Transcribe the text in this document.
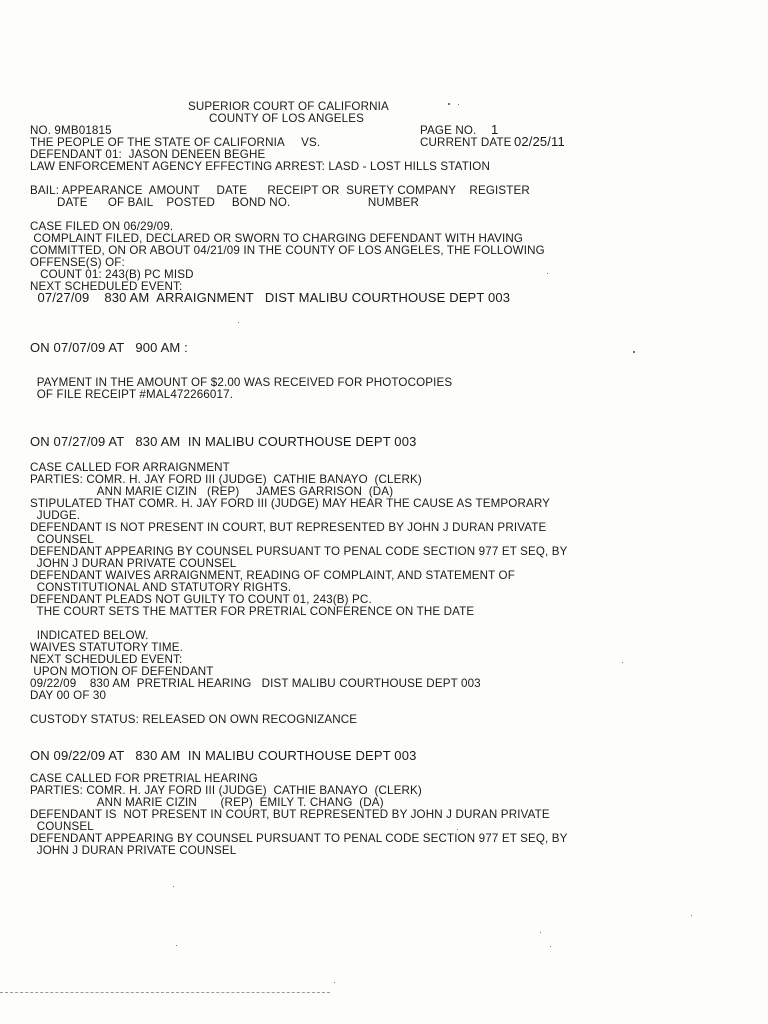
SUPERIOR COURT OF CALIFORNIA
COUNTY OF LOS ANGELES
NO. 9MB01815	PAGE NO. 1
THE PEOPLE OF THE STATE OF CALIFORNIA     VS.	CURRENT DATE 02/25/11
DEFENDANT 01:  JASON DENEEN BEGHE
LAW ENFORCEMENT AGENCY EFFECTING ARREST: LASD - LOST HILLS STATION
BAIL: APPEARANCE  AMOUNT     DATE      RECEIPT OR  SURETY COMPANY    REGISTER
DATE      OF BAIL    POSTED     BOND NO.                       NUMBER
CASE FILED ON 06/29/09.
COMPLAINT FILED, DECLARED OR SWORN TO CHARGING DEFENDANT WITH HAVING
COMMITTED, ON OR ABOUT 04/21/09 IN THE COUNTY OF LOS ANGELES, THE FOLLOWING
OFFENSE(S) OF:
COUNT 01: 243(B) PC MISD
NEXT SCHEDULED EVENT:
07/27/09    830 AM  ARRAIGNMENT   DIST MALIBU COURTHOUSE DEPT 003
ON 07/07/09 AT   900 AM :
PAYMENT IN THE AMOUNT OF $2.00 WAS RECEIVED FOR PHOTOCOPIES
OF FILE RECEIPT #MAL472266017.
ON 07/27/09 AT   830 AM  IN MALIBU COURTHOUSE DEPT 003
CASE CALLED FOR ARRAIGNMENT
PARTIES: COMR. H. JAY FORD III (JUDGE)  CATHIE BANAYO  (CLERK)
ANN MARIE CIZIN   (REP)     JAMES GARRISON  (DA)
STIPULATED THAT COMR. H. JAY FORD III (JUDGE) MAY HEAR THE CAUSE AS TEMPORARY
JUDGE.
DEFENDANT IS NOT PRESENT IN COURT, BUT REPRESENTED BY JOHN J DURAN PRIVATE
COUNSEL
DEFENDANT APPEARING BY COUNSEL PURSUANT TO PENAL CODE SECTION 977 ET SEQ, BY
JOHN J DURAN PRIVATE COUNSEL
DEFENDANT WAIVES ARRAIGNMENT, READING OF COMPLAINT, AND STATEMENT OF
CONSTITUTIONAL AND STATUTORY RIGHTS.
DEFENDANT PLEADS NOT GUILTY TO COUNT 01, 243(B) PC.
THE COURT SETS THE MATTER FOR PRETRIAL CONFERENCE ON THE DATE
INDICATED BELOW.
WAIVES STATUTORY TIME.
NEXT SCHEDULED EVENT:
UPON MOTION OF DEFENDANT
09/22/09    830 AM  PRETRIAL HEARING   DIST MALIBU COURTHOUSE DEPT 003
DAY 00 OF 30
CUSTODY STATUS: RELEASED ON OWN RECOGNIZANCE
ON 09/22/09 AT   830 AM  IN MALIBU COURTHOUSE DEPT 003
CASE CALLED FOR PRETRIAL HEARING
PARTIES: COMR. H. JAY FORD III (JUDGE)  CATHIE BANAYO  (CLERK)
ANN MARIE CIZIN       (REP)  EMILY T. CHANG  (DA)
DEFENDANT IS  NOT PRESENT IN COURT, BUT REPRESENTED BY JOHN J DURAN PRIVATE
COUNSEL
DEFENDANT APPEARING BY COUNSEL PURSUANT TO PENAL CODE SECTION 977 ET SEQ, BY
JOHN J DURAN PRIVATE COUNSEL
